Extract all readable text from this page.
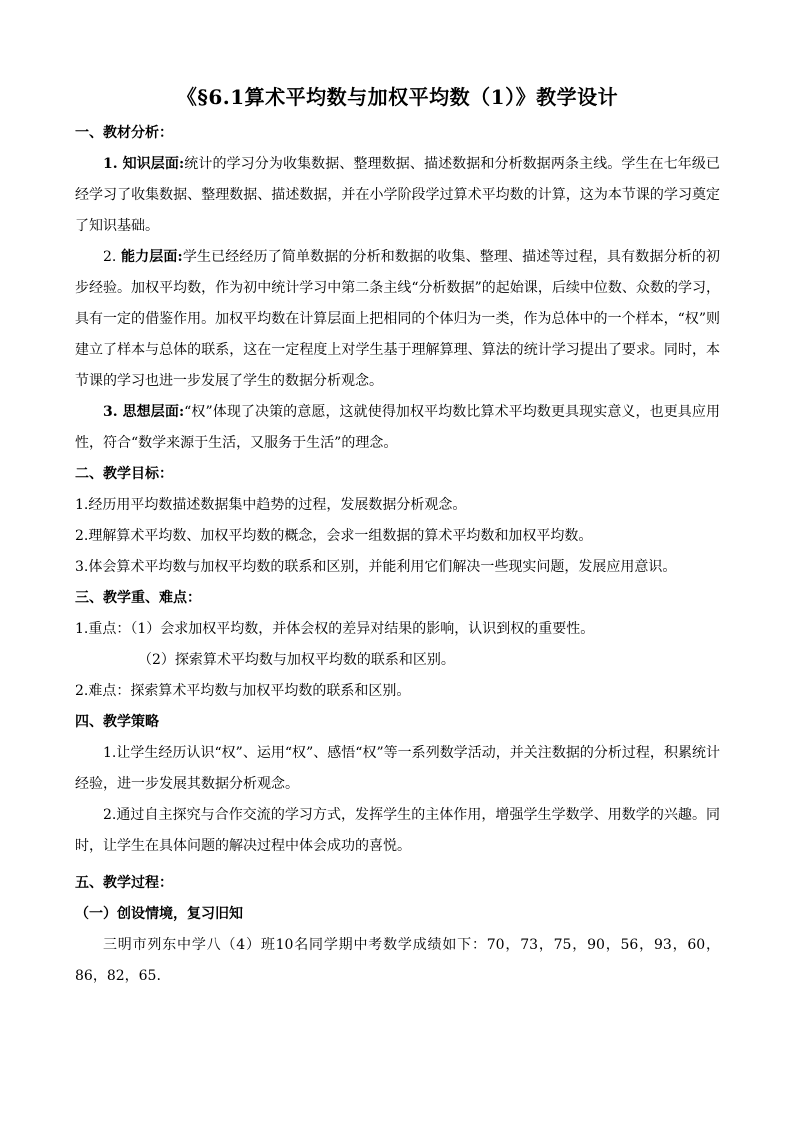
《§6.1算术平均数与加权平均数（1）》教学设计
一、教材分析：

1. 知识层面:统计的学习分为收集数据、整理数据、描述数据和分析数据两条主线。学生在七年级已经学习了收集数据、整理数据、描述数据，并在小学阶段学过算术平均数的计算，这为本节课的学习奠定了知识基础。

2. 能力层面:学生已经经历了简单数据的分析和数据的收集、整理、描述等过程，具有数据分析的初步经验。加权平均数，作为初中统计学习中第二条主线“分析数据”的起始课，后续中位数、众数的学习，具有一定的借鉴作用。加权平均数在计算层面上把相同的个体归为一类，作为总体中的一个样本，“权”则建立了样本与总体的联系，这在一定程度上对学生基于理解算理、算法的统计学习提出了要求。同时，本节课的学习也进一步发展了学生的数据分析观念。

3. 思想层面:“权”体现了决策的意愿，这就使得加权平均数比算术平均数更具现实意义，也更具应用性，符合“数学来源于生活，又服务于生活”的理念。

二、教学目标：

1.经历用平均数描述数据集中趋势的过程，发展数据分析观念。

2.理解算术平均数、加权平均数的概念，会求一组数据的算术平均数和加权平均数。

3.体会算术平均数与加权平均数的联系和区别，并能利用它们解决一些现实问题，发展应用意识。

三、教学重、难点：

1.重点：（1）会求加权平均数，并体会权的差异对结果的影响，认识到权的重要性。

（2）探索算术平均数与加权平均数的联系和区别。

2.难点：探索算术平均数与加权平均数的联系和区别。

四、教学策略

1.让学生经历认识“权”、运用“权”、感悟“权”等一系列数学活动，并关注数据的分析过程，积累统计经验，进一步发展其数据分析观念。

2.通过自主探究与合作交流的学习方式，发挥学生的主体作用，增强学生学数学、用数学的兴趣。同时，让学生在具体问题的解决过程中体会成功的喜悦。

五、教学过程：
（一）创设情境，复习旧知

三明市列东中学八（4）班10名同学期中考数学成绩如下：70，73，75，90，56，93，60，86，82，65.
